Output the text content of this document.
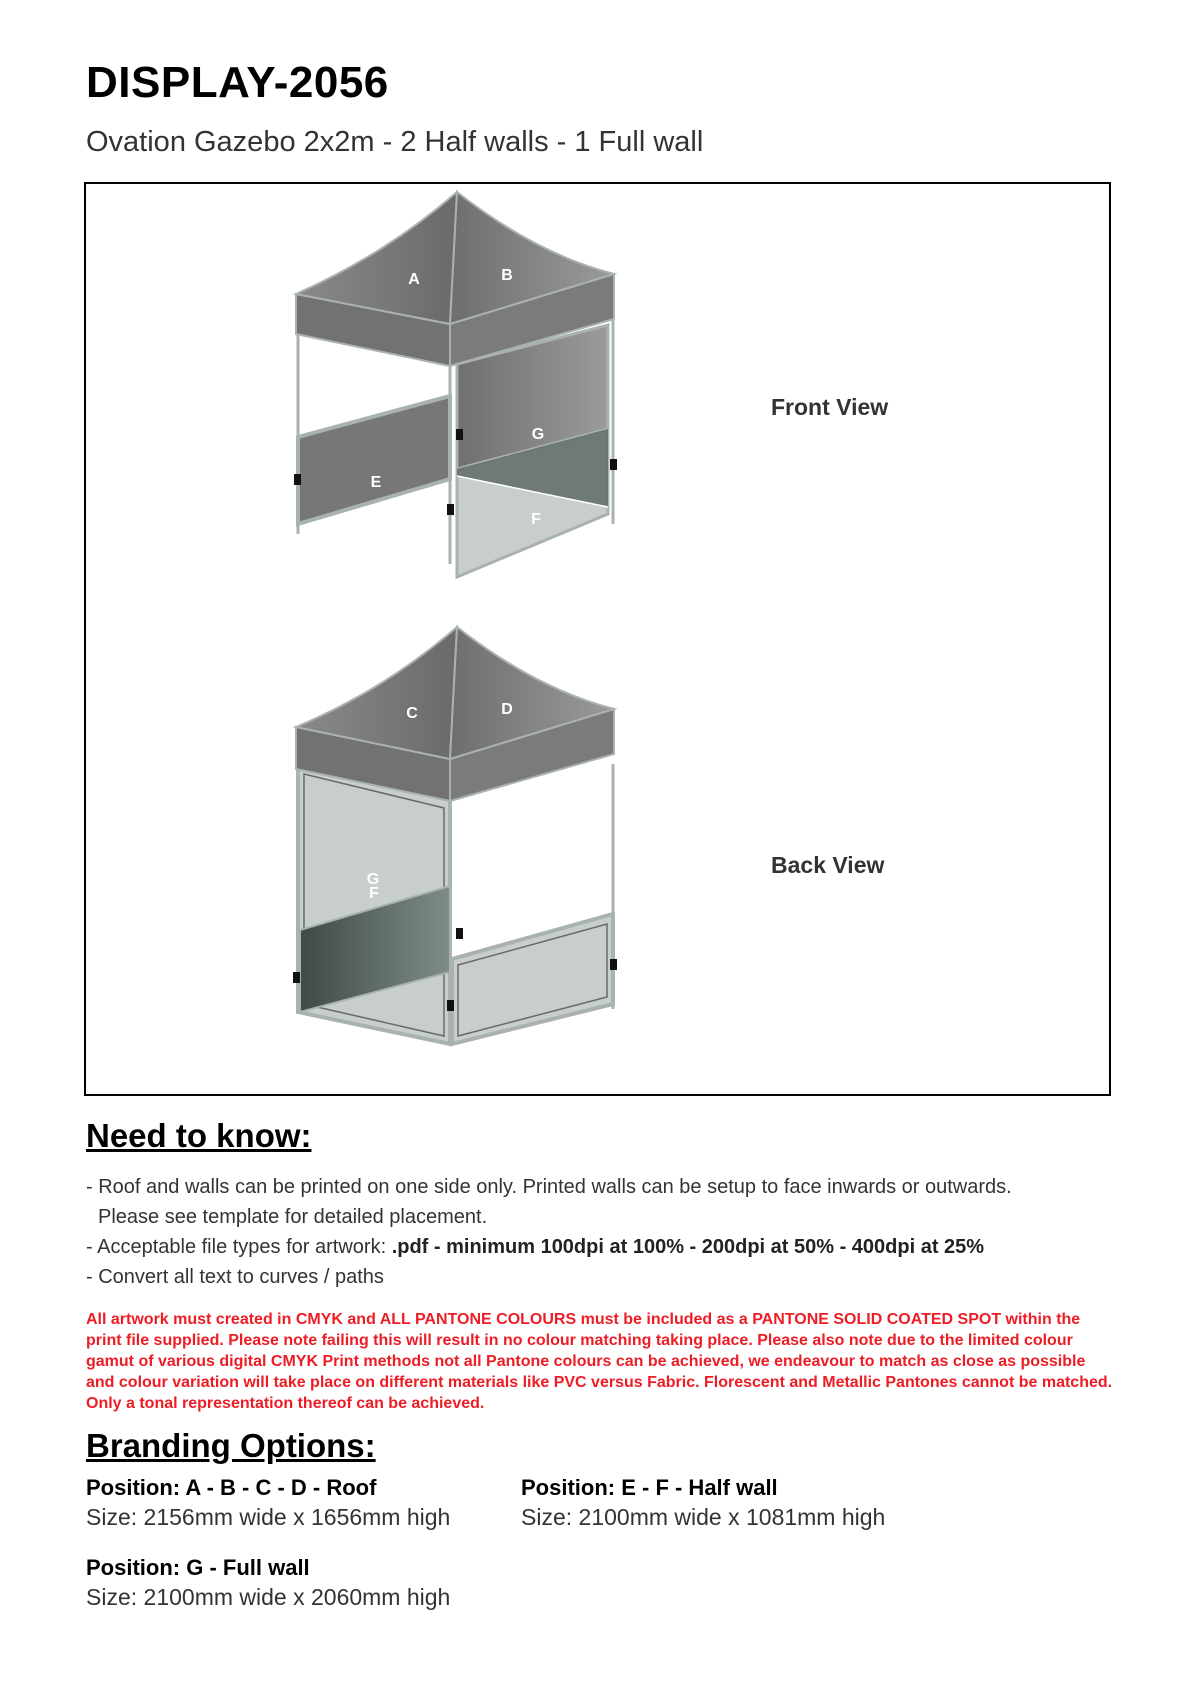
DISPLAY-2056
Ovation Gazebo 2x2m - 2 Half walls - 1 Full wall
A	B
G
E
F
C	D
G
F
E
Front View
Back View
Need to know:

- Roof and walls can be printed on one side only. Printed walls can be setup to face inwards or outwards.

Please see template for detailed placement.

- Acceptable file types for artwork: .pdf - minimum 100dpi at 100% - 200dpi at 50% - 400dpi at 25%

- Convert all text to curves / paths

All artwork must created in CMYK and ALL PANTONE COLOURS must be included as a PANTONE SOLID COATED SPOT within the print file supplied. Please note failing this will result in no colour matching taking place. Please also note due to the limited colour gamut of various digital CMYK Print methods not all Pantone colours can be achieved, we endeavour to match as close as possible and colour variation will take place on different materials like PVC versus Fabric. Florescent and Metallic Pantones cannot be matched. Only a tonal representation thereof can be achieved.

Branding Options:
Position: A - B - C - D - Roof
Size: 2156mm wide x 1656mm high
Position: E - F - Half wall
Size: 2100mm wide x 1081mm high
Position: G - Full wall
Size: 2100mm wide x 2060mm high
